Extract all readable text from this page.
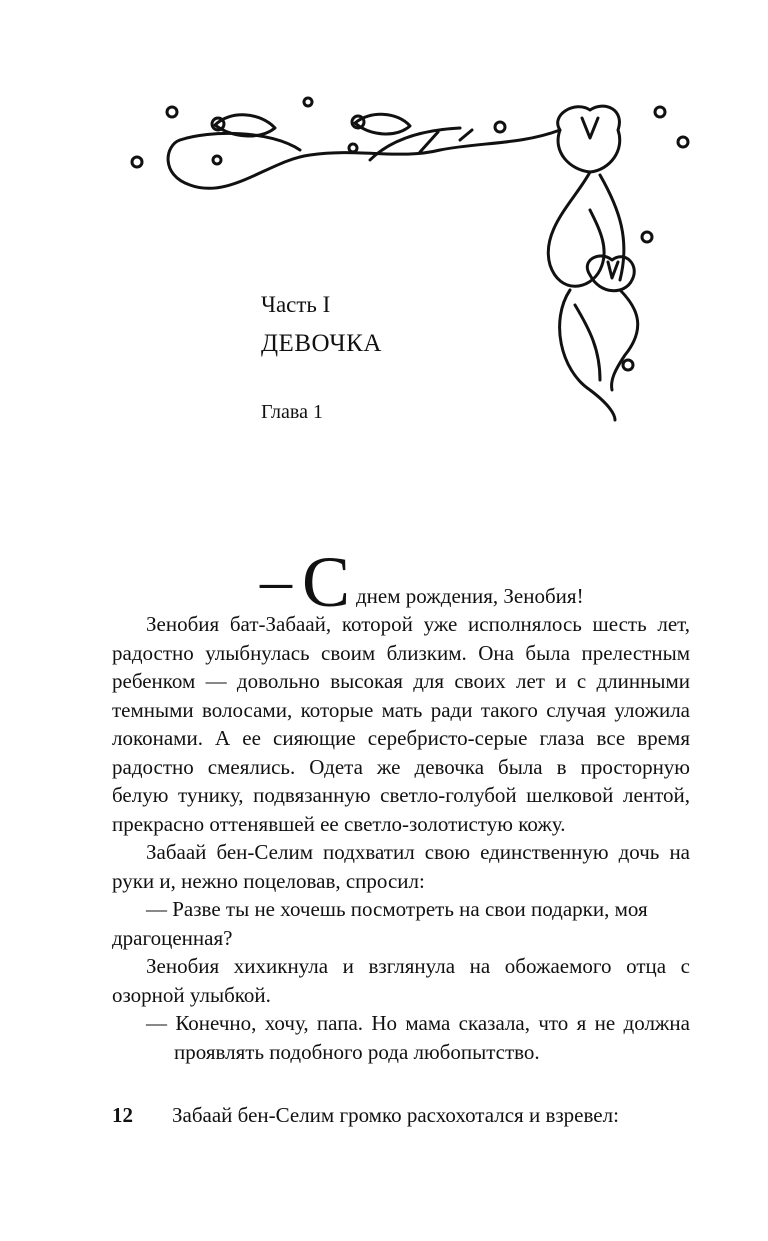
Часть I
ДЕВОЧКА
Глава 1
– С днем рождения, Зенобия!

Зенобия бат-Забаай, которой уже исполнялось шесть лет, радостно улыбнулась своим близким. Она была прелестным ребенком — довольно высокая для своих лет и с длинными темными волосами, которые мать ради такого случая уложила локонами. А ее сияющие серебристо-серые глаза все время радостно смеялись. Одета же девочка была в просторную белую тунику, подвязанную светло-голубой шелковой лентой, прекрасно оттенявшей ее светло-золотистую кожу.

Забаай бен-Селим подхватил свою единственную дочь на руки и, нежно поцеловав, спросил:

— Разве ты не хочешь посмотреть на свои подарки, моя драгоценная?

Зенобия хихикнула и взглянула на обожаемого отца с озорной улыбкой.

— Конечно, хочу, папа. Но мама сказала, что я не должна проявлять подобного рода любопытство.

12 Забаай бен-Селим громко расхохотался и взревел:
